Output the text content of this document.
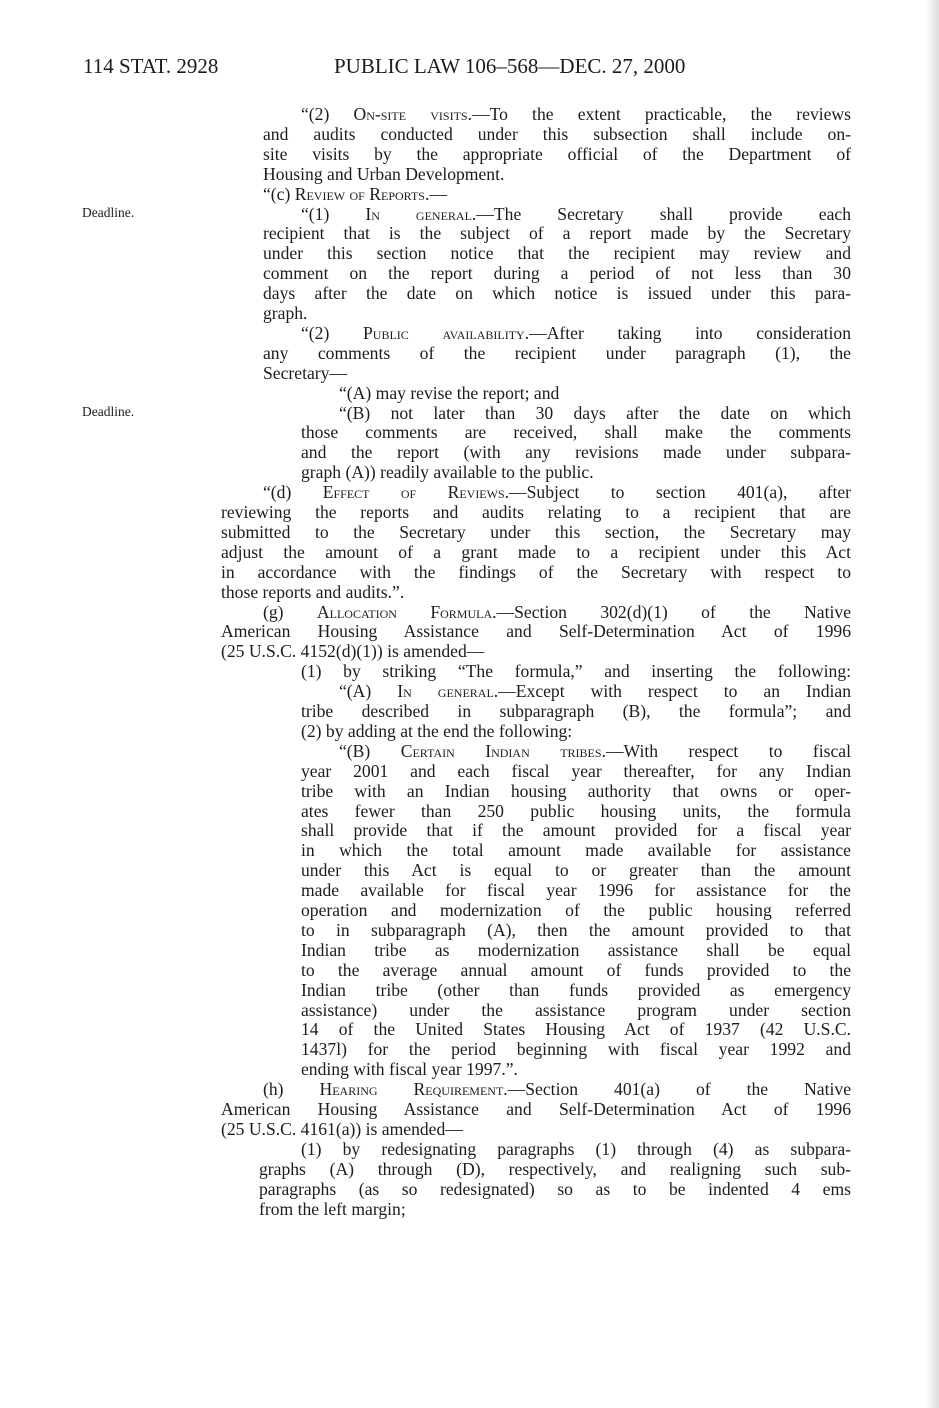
114 STAT. 2928	PUBLIC LAW 106–568—DEC. 27, 2000
Deadline.
Deadline.
“(2) On-site visits.—To the extent practicable, the reviews
and audits conducted under this subsection shall include on-
site visits by the appropriate official of the Department of
Housing and Urban Development.
“(c) Review of Reports.—
“(1) In general.—The Secretary shall provide each
recipient that is the subject of a report made by the Secretary
under this section notice that the recipient may review and
comment on the report during a period of not less than 30
days after the date on which notice is issued under this para-
graph.
“(2) Public availability.—After taking into consideration
any comments of the recipient under paragraph (1), the
Secretary—
“(A) may revise the report; and
“(B) not later than 30 days after the date on which
those comments are received, shall make the comments
and the report (with any revisions made under subpara-
graph (A)) readily available to the public.
“(d) Effect of Reviews.—Subject to section 401(a), after
reviewing the reports and audits relating to a recipient that are
submitted to the Secretary under this section, the Secretary may
adjust the amount of a grant made to a recipient under this Act
in accordance with the findings of the Secretary with respect to
those reports and audits.”.
(g) Allocation Formula.—Section 302(d)(1) of the Native
American Housing Assistance and Self-Determination Act of 1996
(25 U.S.C. 4152(d)(1)) is amended—
(1) by striking “The formula,” and inserting the following:
“(A) In general.—Except with respect to an Indian
tribe described in subparagraph (B), the formula”; and
(2) by adding at the end the following:
“(B) Certain Indian tribes.—With respect to fiscal
year 2001 and each fiscal year thereafter, for any Indian
tribe with an Indian housing authority that owns or oper-
ates fewer than 250 public housing units, the formula
shall provide that if the amount provided for a fiscal year
in which the total amount made available for assistance
under this Act is equal to or greater than the amount
made available for fiscal year 1996 for assistance for the
operation and modernization of the public housing referred
to in subparagraph (A), then the amount provided to that
Indian tribe as modernization assistance shall be equal
to the average annual amount of funds provided to the
Indian tribe (other than funds provided as emergency
assistance) under the assistance program under section
14 of the United States Housing Act of 1937 (42 U.S.C.
1437l) for the period beginning with fiscal year 1992 and
ending with fiscal year 1997.”.
(h) Hearing Requirement.—Section 401(a) of the Native
American Housing Assistance and Self-Determination Act of 1996
(25 U.S.C. 4161(a)) is amended—
(1) by redesignating paragraphs (1) through (4) as subpara-
graphs (A) through (D), respectively, and realigning such sub-
paragraphs (as so redesignated) so as to be indented 4 ems
from the left margin;
